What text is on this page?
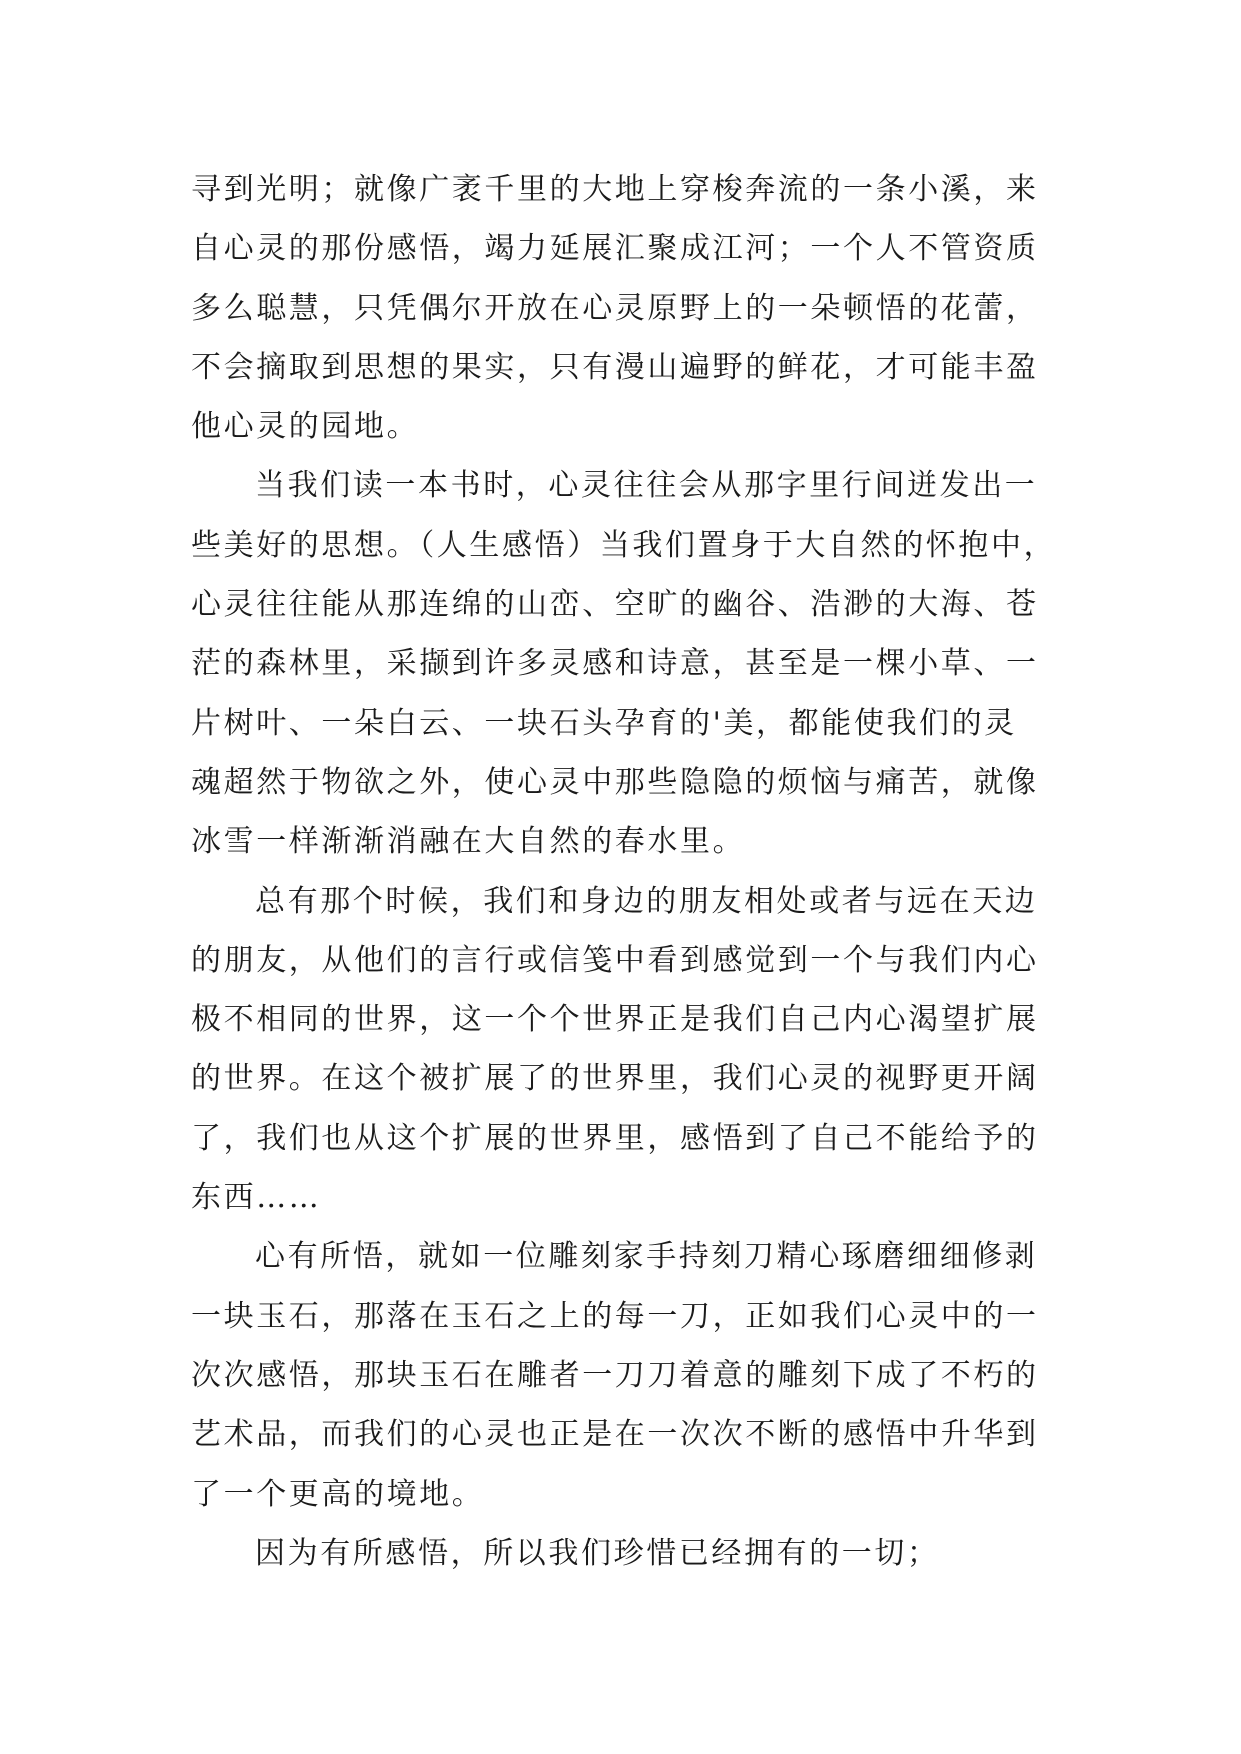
寻到光明；就像广袤千里的大地上穿梭奔流的一条小溪，来
自心灵的那份感悟，竭力延展汇聚成江河；一个人不管资质
多么聪慧，只凭偶尔开放在心灵原野上的一朵顿悟的花蕾，
不会摘取到思想的果实，只有漫山遍野的鲜花，才可能丰盈
他心灵的园地。
当我们读一本书时，心灵往往会从那字里行间迸发出一
些美好的思想。（人生感悟）当我们置身于大自然的怀抱中，
心灵往往能从那连绵的山峦、空旷的幽谷、浩渺的大海、苍
茫的森林里，采撷到许多灵感和诗意，甚至是一棵小草、一
片树叶、一朵白云、一块石头孕育的'美，都能使我们的灵
魂超然于物欲之外，使心灵中那些隐隐的烦恼与痛苦，就像
冰雪一样渐渐消融在大自然的春水里。
总有那个时候，我们和身边的朋友相处或者与远在天边
的朋友，从他们的言行或信笺中看到感觉到一个与我们内心
极不相同的世界，这一个个世界正是我们自己内心渴望扩展
的世界。在这个被扩展了的世界里，我们心灵的视野更开阔
了，我们也从这个扩展的世界里，感悟到了自己不能给予的
东西……
心有所悟，就如一位雕刻家手持刻刀精心琢磨细细修剥
一块玉石，那落在玉石之上的每一刀，正如我们心灵中的一
次次感悟，那块玉石在雕者一刀刀着意的雕刻下成了不朽的
艺术品，而我们的心灵也正是在一次次不断的感悟中升华到
了一个更高的境地。
因为有所感悟，所以我们珍惜已经拥有的一切；
